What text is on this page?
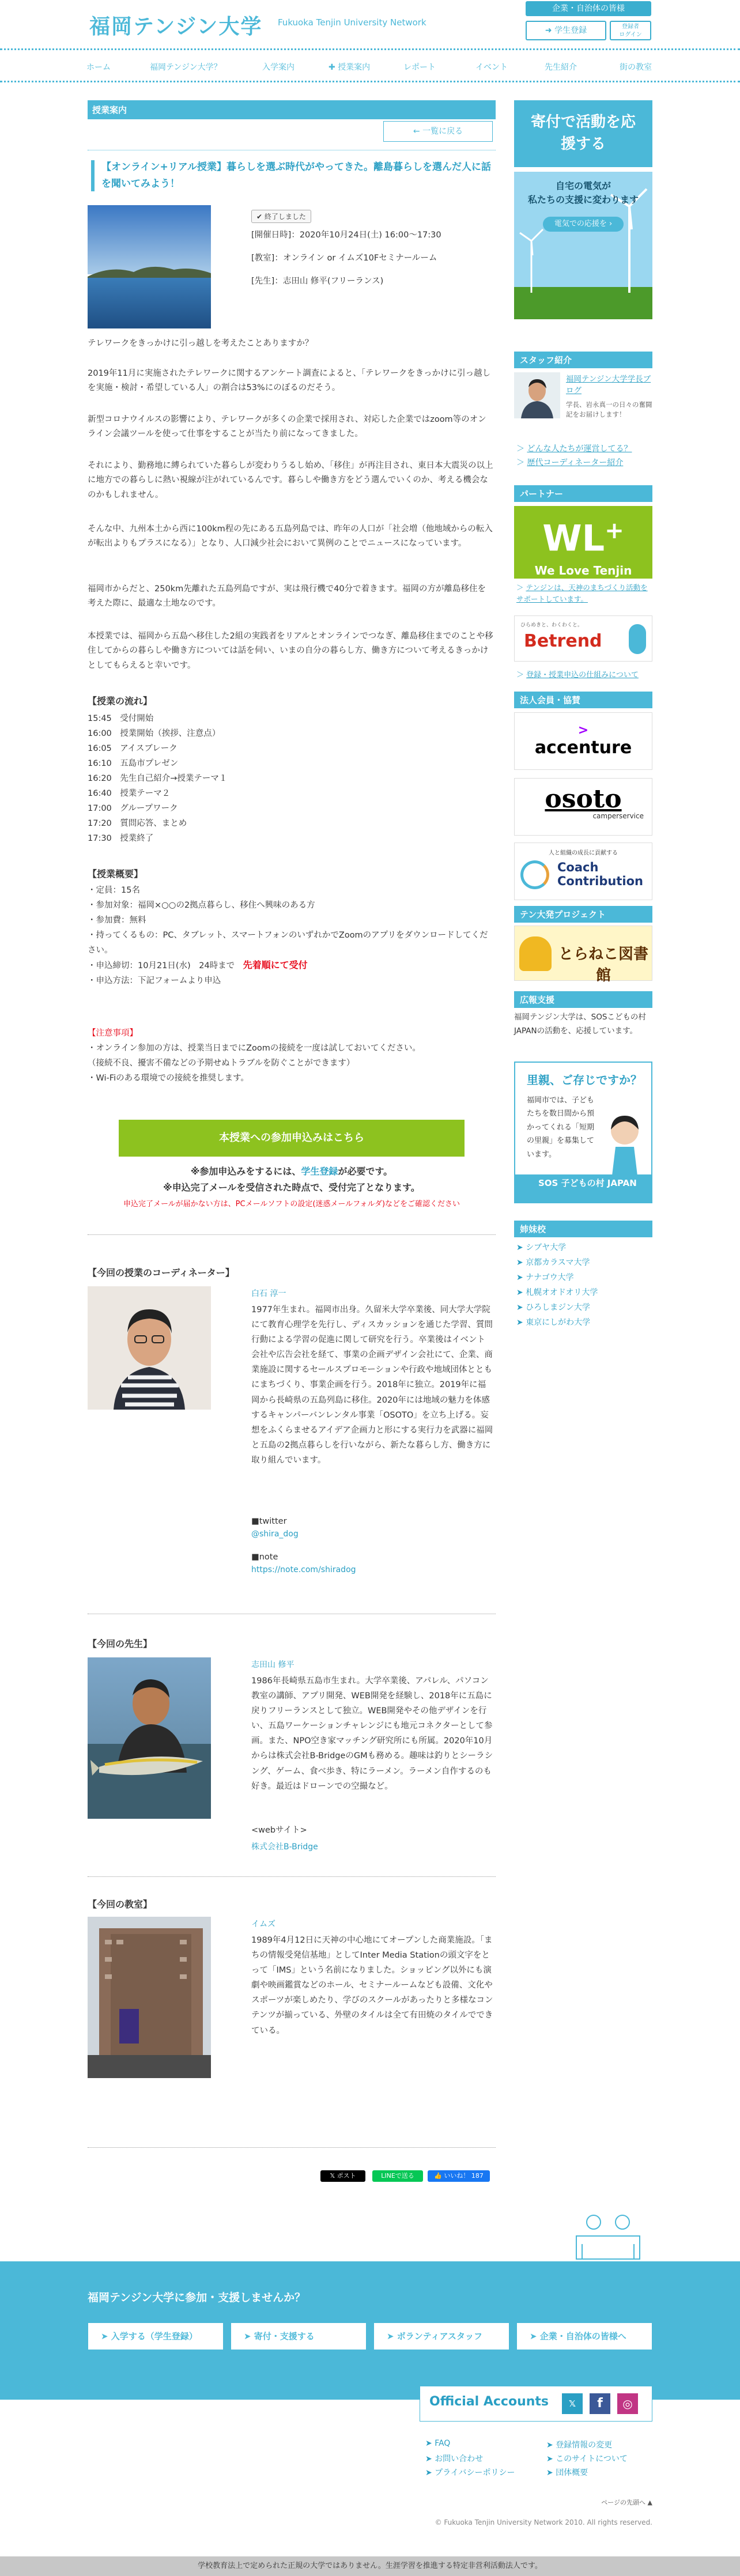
福岡テンジン大学 Fukuoka Tenjin University Network
企業・自治体の皆様
➜ 学生登録	登録者
ログイン
ホーム	福岡テンジン大学？	入学案内	✚ 授業案内	レポート	イベント	先生紹介	街の教室
授業案内
← 一覧に戻る
【オンライン+リアル授業】暮らしを選ぶ時代がやってきた。離島暮らしを選んだ人に話を聞いてみよう！
✔ 終了しました
[開催日時]：2020年10月24日(土) 16:00〜17:30
[教室]：オンライン or イムズ10Fセミナールーム
[先生]：志田山 修平(フリーランス)
テレワークをきっかけに引っ越しを考えたことありますか？
2019年11月に実施されたテレワークに関するアンケート調査によると、「テレワークをきっかけに引っ越しを実施・検討・希望している人」の割合は53%にのぼるのだそう。
新型コロナウイルスの影響により、テレワークが多くの企業で採用され、対応した企業ではzoom等のオンライン会議ツールを使って仕事をすることが当たり前になってきました。
それにより、勤務地に縛られていた暮らしが変わりうるし始め、「移住」が再注目され、東日本大震災の以上に地方での暮らしに熱い視線が注がれているんです。暮らしや働き方をどう選んでいくのか、考える機会なのかもしれません。
そんな中、九州本土から西に100km程の先にある五島列島では、昨年の人口が「社会増（他地域からの転入が転出よりもプラスになる）」となり、人口減少社会において異例のことでニュースになっています。
福岡市からだと、250km先離れた五島列島ですが、実は飛行機で40分で着きます。福岡の方が離島移住を考えた際に、最適な土地なのです。
本授業では、福岡から五島へ移住した2組の実践者をリアルとオンラインでつなぎ、離島移住までのことや移住してからの暮らしや働き方については話を伺い、いまの自分の暮らし方、働き方について考えるきっかけとしてもらえると幸いです。
【授業の流れ】
15:45　受付開始
16:00　授業開始（挨拶、注意点）
16:05　アイスブレーク
16:10　五島市プレゼン
16:20　先生自己紹介→授業テーマ１
16:40　授業テーマ２
17:00　グループワーク
17:20　質問応答、まとめ
17:30　授業終了
【授業概要】
・定員：15名
・参加対象：福岡×○○の2拠点暮らし、移住へ興味のある方
・参加費：無料
・持ってくるもの：PC、タブレット、スマートフォンのいずれかでZoomのアプリをダウンロードしてください。
・申込締切：10月21日(水)　24時まで　 先着順にて受付
・申込方法：下記フォームより申込
【注意事項】
・オンライン参加の方は、授業当日までにZoomの接続を一度は試しておいてください。
（接続不良、擾害不備などの予期せぬトラブルを防ぐことができます）
・Wi-Fiのある環境での接続を推奨します。
本授業への参加申込みはこちら
※参加申込みをするには、学生登録が必要です。
※申込完了メールを受信された時点で、受付完了となります。
申込完了メールが届かない方は、PCメールソフトの設定(迷惑メールフォルダ)などをご確認ください
【今回の授業のコーディネーター】
白石 淳一
1977年生まれ。福岡市出身。久留米大学卒業後、同大学大学院にて教育心理学を先行し、ディスカッションを通じた学習、質問行動による学習の促進に関して研究を行う。卒業後はイベント会社や広告会社を経て、事業の企画デザイン会社にて、企業、商業施設に関するセールスプロモーションや行政や地域団体とともにまちづくり、事業企画を行う。2018年に独立。2019年に福岡から長崎県の五島列島に移住。2020年には地域の魅力を体感するキャンパーバンレンタル事業「OSOTO」を立ち上げる。妄想をふくらませるアイデア企画力と形にする実行力を武器に福岡と五島の2拠点暮らしを行いながら、新たな暮らし方、働き方に取り組んでいます。
■twitter
@shira_dog
■note
https://note.com/shiradog
【今回の先生】
志田山 修平
1986年長崎県五島市生まれ。大学卒業後、アパレル、パソコン教室の講師、アプリ開発、WEB開発を経験し、2018年に五島に戻りフリーランスとして独立。WEB開発やその他デザインを行い、五島ワーケーションチャレンジにも地元コネクターとして参画。また、NPO空き家マッチング研究所にも所属。2020年10月からは株式会社B-BridgeのGMも務める。趣味は釣りとシーラシング、ゲーム、食べ歩き、特にラーメン。ラーメン自作するのも好き。最近はドローンでの空撮など。
<webサイト>
株式会社B-Bridge
【今回の教室】
イムズ
1989年4月12日に天神の中心地にてオープンした商業施設。「まちの情報受発信基地」としてInter Media Stationの頭文字をとって「IMS」という名前になりました。ショッピング以外にも演劇や映画鑑賞などのホール、セミナールームなども設備、文化やスポーツが楽しめたり、学びのスクールがあったりと多様なコンテンツが揃っている、外壁のタイルは全て有田焼のタイルでできている。
𝕏 ポスト	LINEで送る	👍 いいね！ 187
寄付で活動を応援する
自宅の電気が
私たちの支援に変わります
電気での応援を ›
スタッフ紹介
福岡テンジン大学学長ブログ
学長、岩永真一の日々の奮闘記をお届けします！
＞ どんな人たちが運営してる？
＞ 歴代コーディネーター紹介
パートナー
WL+
We Love Tenjin
＞ テンジンは、天神のまちづくり活動をサポートしています。
ひらめきと、わくわくと。
Betrend
＞ 登録・授業申込の仕組みについて
法人会員・協賛
>
accenture
osoto
camperservice
人と組織の成長に貢献する
Coach Contribution
テン大発プロジェクト
とらねこ図書館
広報支援
福岡テンジン大学は、SOSこどもの村JAPANの活動を、応援しています。
里親、ご存じですか？
福岡市では、子どもたちを数日間から預かってくれる「短期の里親」を募集しています。
SOS 子どもの村 JAPAN
姉妹校
➤ シブヤ大学
➤ 京都カラスマ大学
➤ ナナゴウ大学
➤ 札幌オオドオリ大学
➤ ひろしまジン大学
➤ 東京にしがわ大学
福岡テンジン大学に参加・支援しませんか？
➤ 入学する（学生登録）	➤ 寄付・支援する	➤ ボランティアスタッフ	➤ 企業・自治体の皆様へ
Official Accounts	𝕏	f	◎
➤ FAQ
➤ お問い合わせ
➤ プライバシーポリシー
➤ 登録情報の変更
➤ このサイトについて
➤ 団体概要
ページの先頭へ ▲
© Fukuoka Tenjin University Network 2010. All rights reserved.
学校教育法上で定められた正規の大学ではありません。生涯学習を推進する特定非営利活動法人です。
